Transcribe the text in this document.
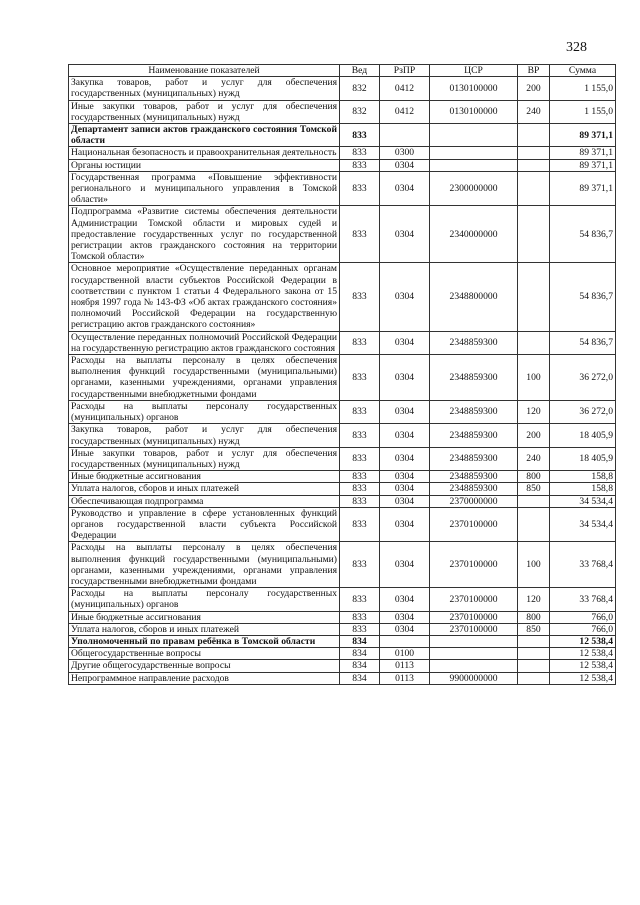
328
Наименование показателей	Вед	РзПР	ЦСР	ВР	Сумма
Закупка товаров, работ и услуг для обеспечения государственных (муниципальных) нужд	832	0412	0130100000	200	1 155,0
Иные закупки товаров, работ и услуг для обеспечения государственных (муниципальных) нужд	832	0412	0130100000	240	1 155,0
Департамент записи актов гражданского состояния Томской области	833				89 371,1
Национальная безопасность и правоохранительная деятельность	833	0300			89 371,1
Органы юстиции	833	0304			89 371,1
Государственная программа «Повышение эффективности регионального и муниципального управления в Томской области»	833	0304	2300000000		89 371,1
Подпрограмма «Развитие системы обеспечения деятельности Администрации Томской области и мировых судей и предоставление государственных услуг по государственной регистрации актов гражданского состояния на территории Томской области»	833	0304	2340000000		54 836,7
Основное мероприятие «Осуществление переданных органам государственной власти субъектов Российской Федерации в соответствии с пунктом 1 статьи 4 Федерального закона от 15 ноября 1997 года № 143-ФЗ «Об актах гражданского состояния» полномочий Российской Федерации на государственную регистрацию актов гражданского состояния»	833	0304	2348800000		54 836,7
Осуществление переданных полномочий Российской Федерации на государственную регистрацию актов гражданского состояния	833	0304	2348859300		54 836,7
Расходы на выплаты персоналу в целях обеспечения выполнения функций государственными (муниципальными) органами, казенными учреждениями, органами управления государственными внебюджетными фондами	833	0304	2348859300	100	36 272,0
Расходы на выплаты персоналу государственных (муниципальных) органов	833	0304	2348859300	120	36 272,0
Закупка товаров, работ и услуг для обеспечения государственных (муниципальных) нужд	833	0304	2348859300	200	18 405,9
Иные закупки товаров, работ и услуг для обеспечения государственных (муниципальных) нужд	833	0304	2348859300	240	18 405,9
Иные бюджетные ассигнования	833	0304	2348859300	800	158,8
Уплата налогов, сборов и иных платежей	833	0304	2348859300	850	158,8
Обеспечивающая подпрограмма	833	0304	2370000000		34 534,4
Руководство и управление в сфере установленных функций органов государственной власти субъекта Российской Федерации	833	0304	2370100000		34 534,4
Расходы на выплаты персоналу в целях обеспечения выполнения функций государственными (муниципальными) органами, казенными учреждениями, органами управления государственными внебюджетными фондами	833	0304	2370100000	100	33 768,4
Расходы на выплаты персоналу государственных (муниципальных) органов	833	0304	2370100000	120	33 768,4
Иные бюджетные ассигнования	833	0304	2370100000	800	766,0
Уплата налогов, сборов и иных платежей	833	0304	2370100000	850	766,0
Уполномоченный по правам ребёнка в Томской области	834				12 538,4
Общегосударственные вопросы	834	0100			12 538,4
Другие общегосударственные вопросы	834	0113			12 538,4
Непрограммное направление расходов	834	0113	9900000000		12 538,4
